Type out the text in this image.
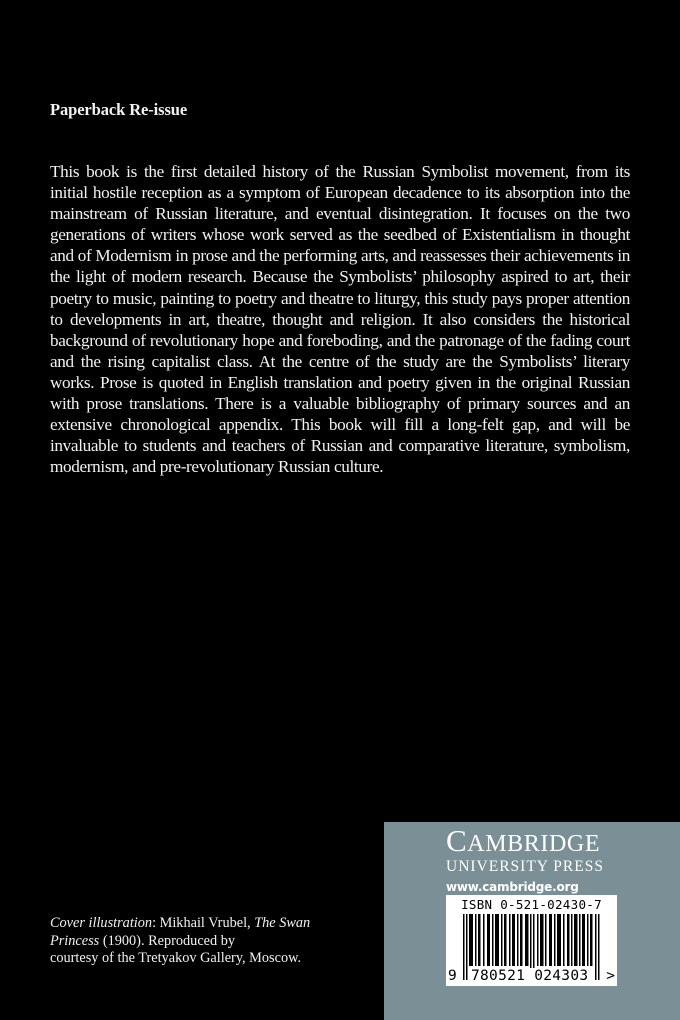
Paperback Re-issue

This book is the first detailed history of the Russian Symbolist movement, from its initial hostile reception as a symptom of European decadence to its absorption into the mainstream of Russian literature, and eventual disintegration. It focuses on the two generations of writers whose work served as the seedbed of Existentialism in thought and of Modernism in prose and the performing arts, and reassesses their achievements in the light of modern research. Because the Symbolists’ philosophy aspired to art, their poetry to music, painting to poetry and theatre to liturgy, this study pays proper attention to developments in art, theatre, thought and religion. It also considers the historical background of revolutionary hope and foreboding, and the patronage of the fading court and the rising capitalist class. At the centre of the study are the Symbolists’ literary works. Prose is quoted in English translation and poetry given in the original Russian with prose translations. There is a valuable bibliography of primary sources and an extensive chronological appendix. This book will fill a long-felt gap, and will be invaluable to students and teachers of Russian and comparative literature, symbolism, modernism, and pre-revolutionary Russian culture.

Cover illustration: Mikhail Vrubel, The Swan
Princess (1900). Reproduced by
courtesy of the Tretyakov Gallery, Moscow.

CAMBRIDGE
UNIVERSITY PRESS
www.cambridge.org
ISBN 0-521-02430-7
9 780521 024303 >
